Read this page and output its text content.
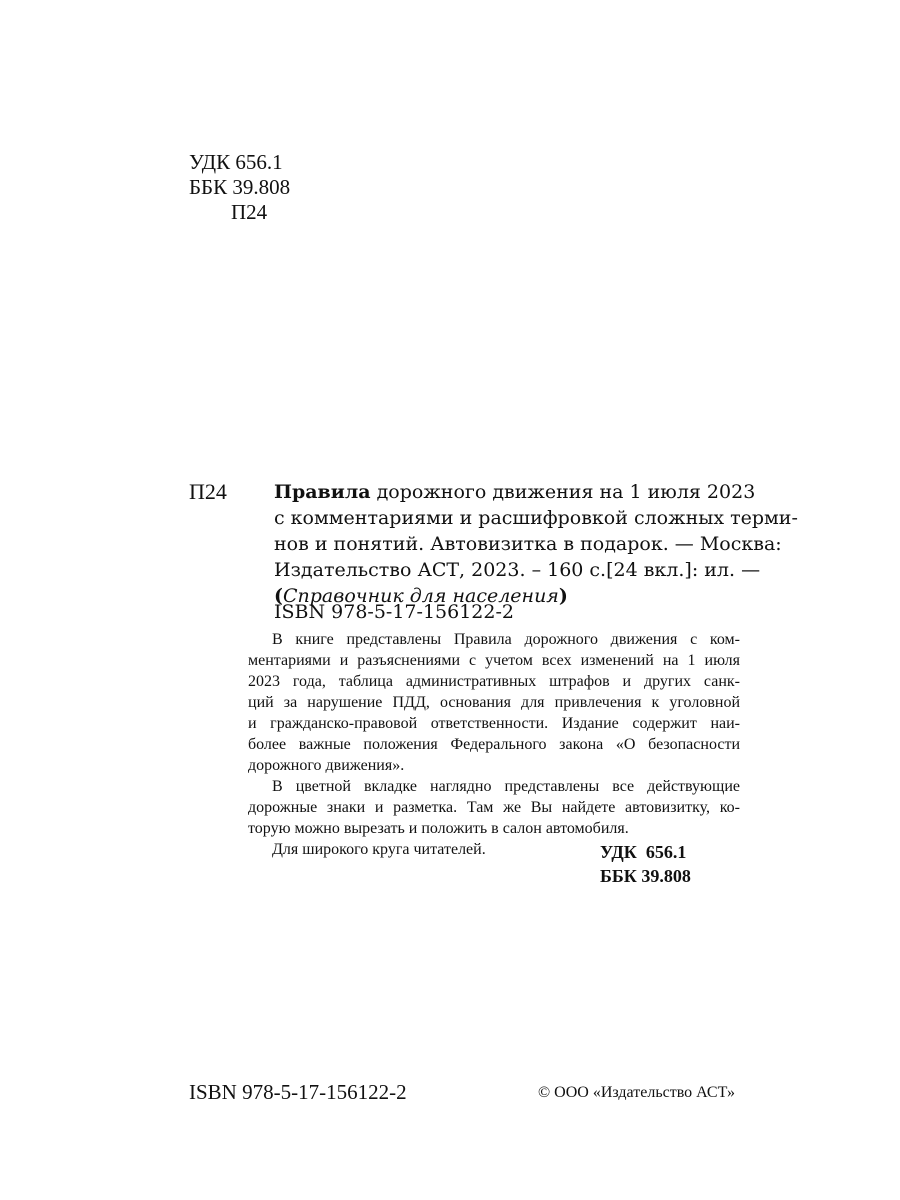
УДК 656.1
ББК 39.808
П24
П24 Правила дорожного движения на 1 июля 2023
с комментариями и расшифровкой сложных терми-
нов и понятий. Автовизитка в подарок. — Москва:
Издательство АСТ, 2023. – 160 с.[24 вкл.]: ил. —
(Справочник для населения)
ISBN 978-5-17-156122-2
В книге представлены Правила дорожного движения с ком-
ментариями и разъяснениями с учетом всех изменений на 1 июля
2023 года, таблица административных штрафов и других санк-
ций за нарушение ПДД, основания для привлечения к уголовной
и гражданско-правовой ответственности. Издание содержит наи-
более важные положения Федерального закона «О безопасности
дорожного движения».
В цветной вкладке наглядно представлены все действующие
дорожные знаки и разметка. Там же Вы найдете автовизитку, ко-
торую можно вырезать и положить в салон автомобиля.
Для широкого круга читателей.	УДК  656.1
ББК 39.808
ISBN 978-5-17-156122-2	© ООО «Издательство АСТ»
